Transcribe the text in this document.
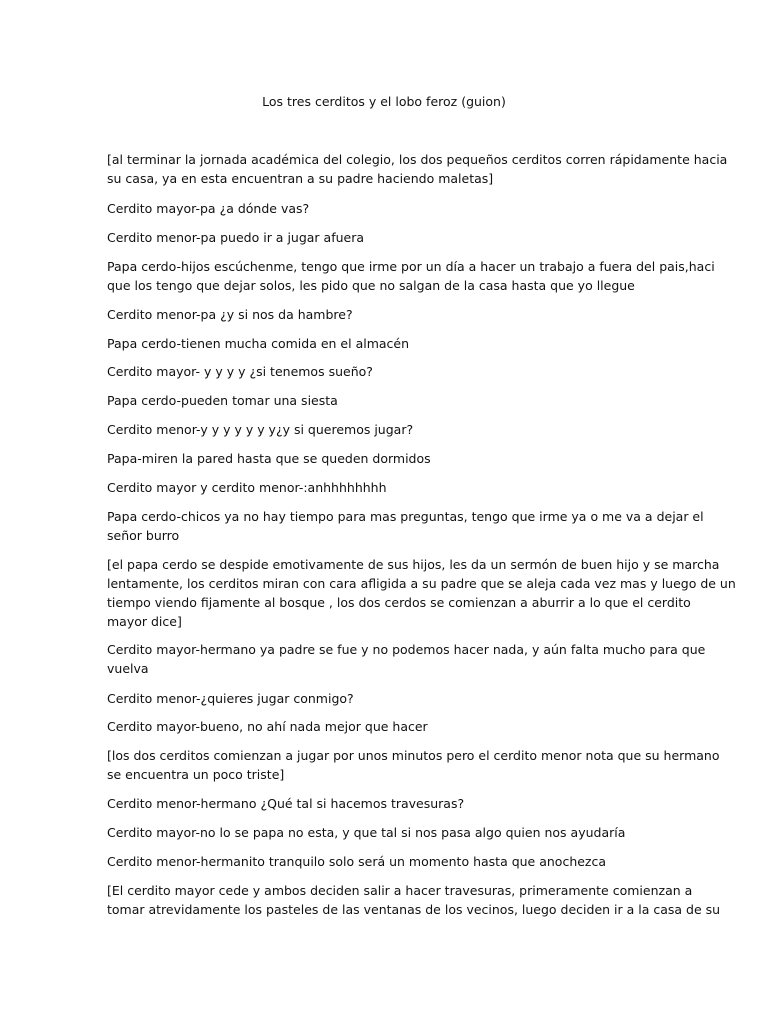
Los tres cerditos y el lobo feroz (guion)

[al terminar la jornada académica del colegio, los dos pequeños cerditos corren rápidamente hacia
su casa, ya en esta encuentran a su padre haciendo maletas]

Cerdito mayor-pa ¿a dónde vas?

Cerdito menor-pa puedo ir a jugar afuera

Papa cerdo-hijos escúchenme, tengo que irme por un día a hacer un trabajo a fuera del pais,haci
que los tengo que dejar solos, les pido que no salgan de la casa hasta que yo llegue

Cerdito menor-pa ¿y si nos da hambre?

Papa cerdo-tienen mucha comida en el almacén

Cerdito mayor- y y y y ¿si tenemos sueño?

Papa cerdo-pueden tomar una siesta

Cerdito menor-y y y y y y y¿y si queremos jugar?

Papa-miren la pared hasta que se queden dormidos

Cerdito mayor y cerdito menor-:anhhhhhhhh

Papa cerdo-chicos ya no hay tiempo para mas preguntas, tengo que irme ya o me va a dejar el
señor burro

[el papa cerdo se despide emotivamente de sus hijos, les da un sermón de buen hijo y se marcha
lentamente, los cerditos miran con cara afligida a su padre que se aleja cada vez mas y luego de un
tiempo viendo fijamente al bosque , los dos cerdos se comienzan a aburrir a lo que el cerdito
mayor dice]

Cerdito mayor-hermano ya padre se fue y no podemos hacer nada, y aún falta mucho para que
vuelva

Cerdito menor-¿quieres jugar conmigo?

Cerdito mayor-bueno, no ahí nada mejor que hacer

[los dos cerditos comienzan a jugar por unos minutos pero el cerdito menor nota que su hermano
se encuentra un poco triste]

Cerdito menor-hermano ¿Qué tal si hacemos travesuras?

Cerdito mayor-no lo se papa no esta, y que tal si nos pasa algo quien nos ayudaría

Cerdito menor-hermanito tranquilo solo será un momento hasta que anochezca

[El cerdito mayor cede y ambos deciden salir a hacer travesuras, primeramente comienzan a
tomar atrevidamente los pasteles de las ventanas de los vecinos, luego deciden ir a la casa de su
